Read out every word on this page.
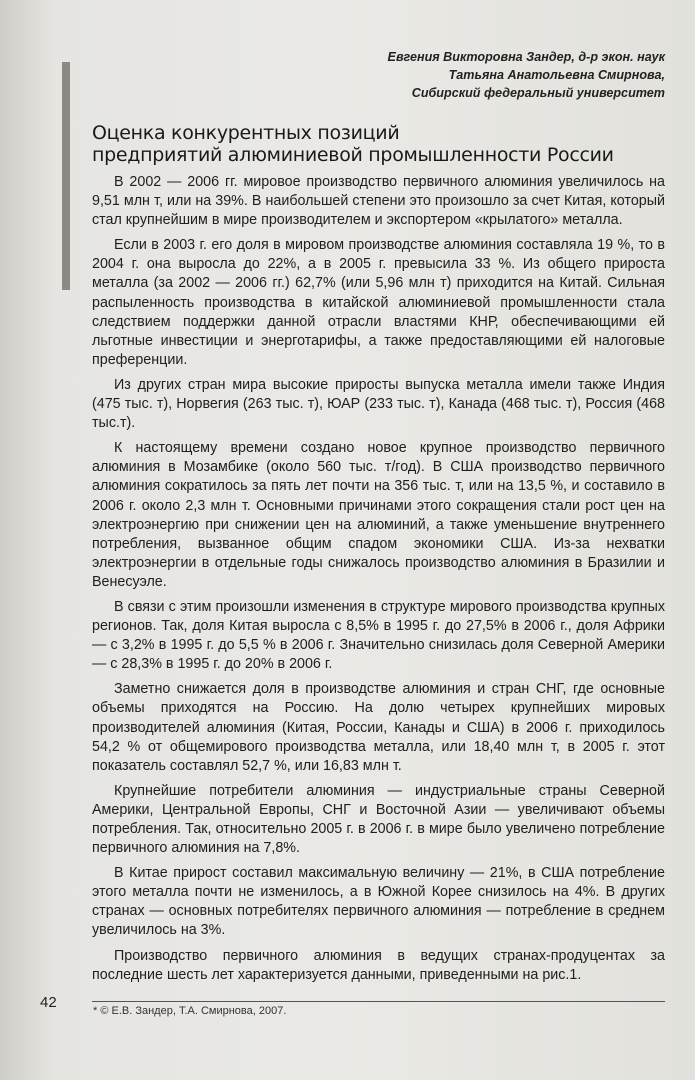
Евгения Викторовна Зандер, д-р экон. наук
Татьяна Анатольевна Смирнова,
Сибирский федеральный университет
Оценка конкурентных позиций
предприятий алюминиевой промышленности России

В 2002 — 2006 гг. мировое производство первичного алюминия увеличилось на 9,51 млн т, или на 39%. В наибольшей степени это произошло за счет Китая, который стал крупнейшим в мире производителем и экспортером «крылатого» металла.

Если в 2003 г. его доля в мировом производстве алюминия составляла 19 %, то в 2004 г. она выросла до 22%, а в 2005 г. превысила 33 %. Из общего прироста металла (за 2002 — 2006 гг.) 62,7% (или 5,96 млн т) приходится на Китай. Сильная распыленность производства в китайской алюминиевой промышленности стала следствием поддержки данной отрасли властями КНР, обеспечивающими ей льготные инвестиции и энерготарифы, а также предоставляющими ей налоговые преференции.

Из других стран мира высокие приросты выпуска металла имели также Индия (475 тыс. т), Норвегия (263 тыс. т), ЮАР (233 тыс. т), Канада (468 тыс. т), Россия (468 тыс.т).

К настоящему времени создано новое крупное производство первичного алюминия в Мозамбике (около 560 тыс. т/год). В США производство первичного алюминия сократилось за пять лет почти на 356 тыс. т, или на 13,5 %, и составило в 2006 г. около 2,3 млн т. Основными причинами этого сокращения стали рост цен на электроэнергию при снижении цен на алюминий, а также уменьшение внутреннего потребления, вызванное общим спадом экономики США. Из-за нехватки электроэнергии в отдельные годы снижалось производство алюминия в Бразилии и Венесуэле.

В связи с этим произошли изменения в структуре мирового производства крупных регионов. Так, доля Китая выросла с 8,5% в 1995 г. до 27,5% в 2006 г., доля Африки — с 3,2% в 1995 г. до 5,5 % в 2006 г. Значительно снизилась доля Северной Америки — с 28,3% в 1995 г. до 20% в 2006 г.

Заметно снижается доля в производстве алюминия и стран СНГ, где основные объемы приходятся на Россию. На долю четырех крупнейших мировых производителей алюминия (Китая, России, Канады и США) в 2006 г. приходилось 54,2 % от общемирового производства металла, или 18,40 млн т, в 2005 г. этот показатель составлял 52,7 %, или 16,83 млн т.

Крупнейшие потребители алюминия — индустриальные страны Северной Америки, Центральной Европы, СНГ и Восточной Азии — увеличивают объемы потребления. Так, относительно 2005 г. в 2006 г. в мире было увеличено потребление первичного алюминия на 7,8%.

В Китае прирост составил максимальную величину — 21%, в США потребление этого металла почти не изменилось, а в Южной Корее снизилось на 4%. В других странах — основных потребителях первичного алюминия — потребление в среднем увеличилось на 3%.

Производство первичного алюминия в ведущих странах-продуцентах за последние шесть лет характеризуется данными, приведенными на рис.1.

42	* © Е.В. Зандер, Т.А. Смирнова, 2007.
